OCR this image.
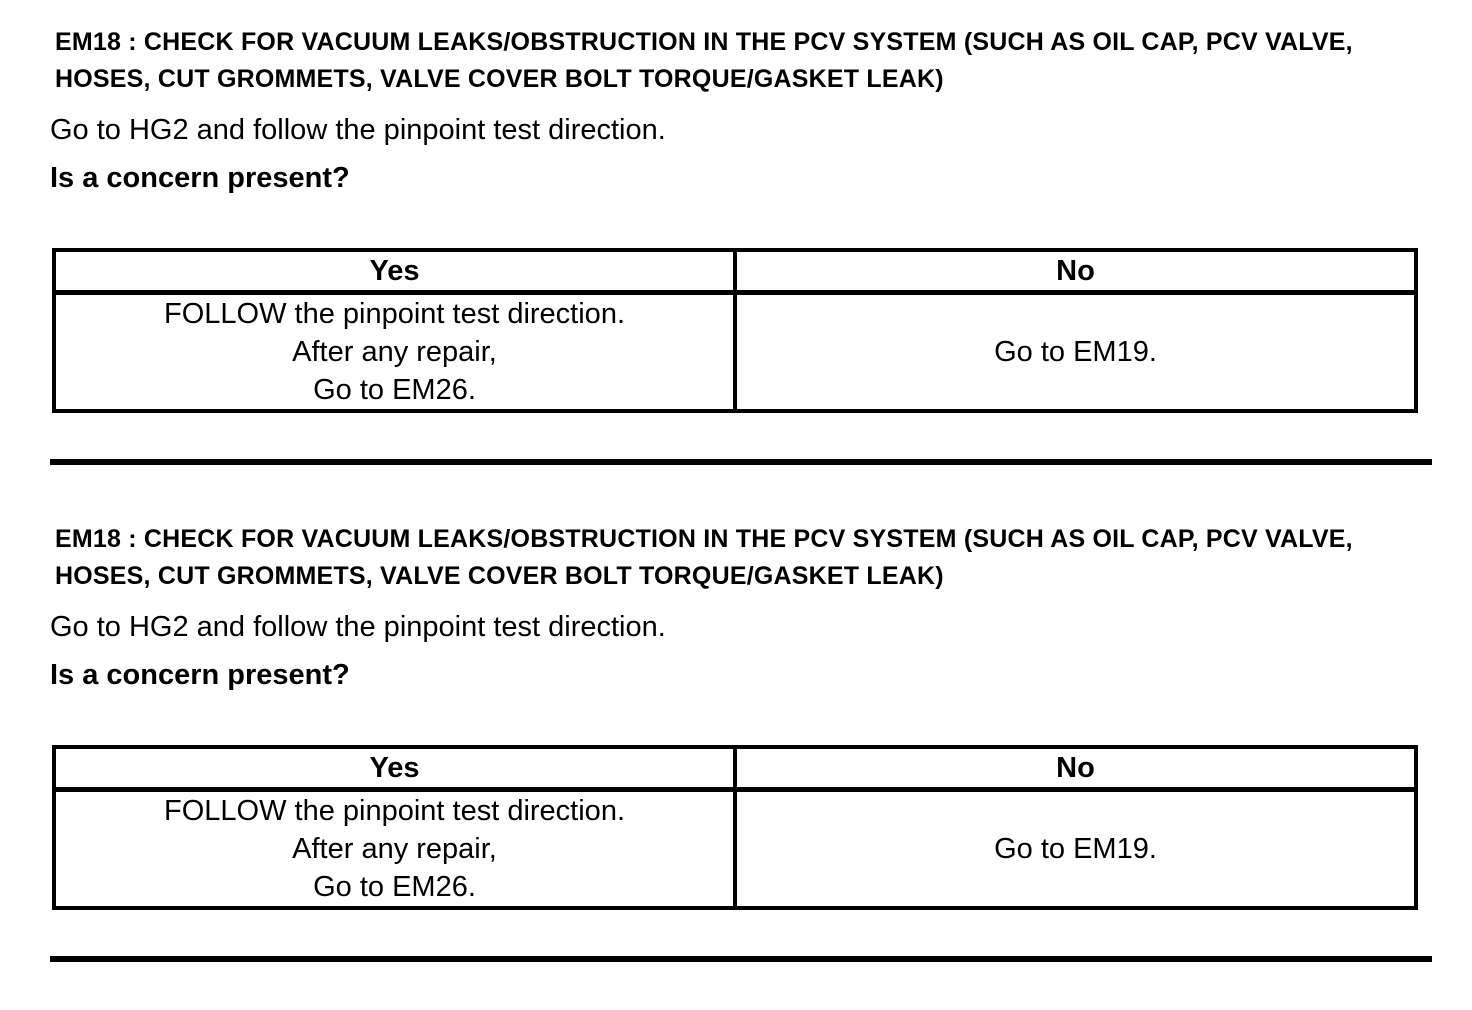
EM18 : CHECK FOR VACUUM LEAKS/OBSTRUCTION IN THE PCV SYSTEM (SUCH AS OIL CAP, PCV VALVE, HOSES, CUT GROMMETS, VALVE COVER BOLT TORQUE/GASKET LEAK)

Go to HG2 and follow the pinpoint test direction.

Is a concern present?

Yes	No

FOLLOW the pinpoint test direction.
After any repair,
Go to EM26.	Go to EM19.
EM18 : CHECK FOR VACUUM LEAKS/OBSTRUCTION IN THE PCV SYSTEM (SUCH AS OIL CAP, PCV VALVE, HOSES, CUT GROMMETS, VALVE COVER BOLT TORQUE/GASKET LEAK)

Go to HG2 and follow the pinpoint test direction.

Is a concern present?

Yes	No

FOLLOW the pinpoint test direction.
After any repair,
Go to EM26.	Go to EM19.
